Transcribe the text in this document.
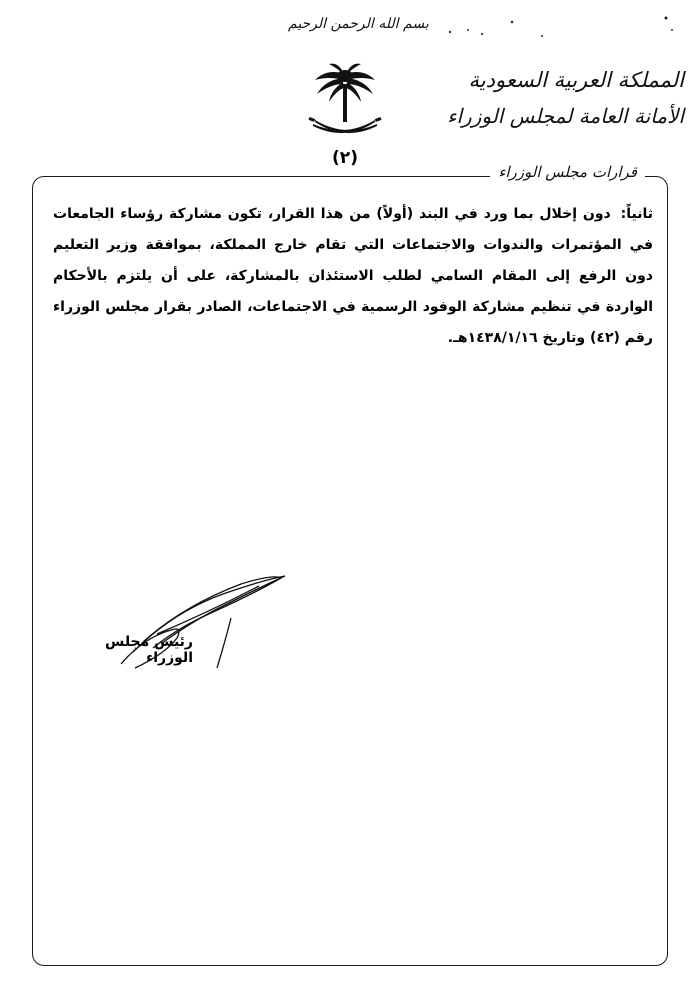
بسم الله الرحمن الرحيم
(٢)
المملكة العربية السعودية
الأمانة العامة لمجلس الوزراء
قرارات مجلس الوزراء
ثانياً: دون إخلال بما ورد في البند (أولاً) من هذا القرار، تكون مشاركة رؤساء الجامعات في المؤتمرات والندوات والاجتماعات التي تقام خارج المملكة، بموافقة وزير التعليم دون الرفع إلى المقام السامي لطلب الاستئذان بالمشاركة، على أن يلتزم بالأحكام الواردة في تنظيم مشاركة الوفود الرسمية في الاجتماعات، الصادر بقرار مجلس الوزراء رقم (٤٢) وتاريخ ١٤٣٨/١/١٦هـ.
رئيس مجلس الوزراء
